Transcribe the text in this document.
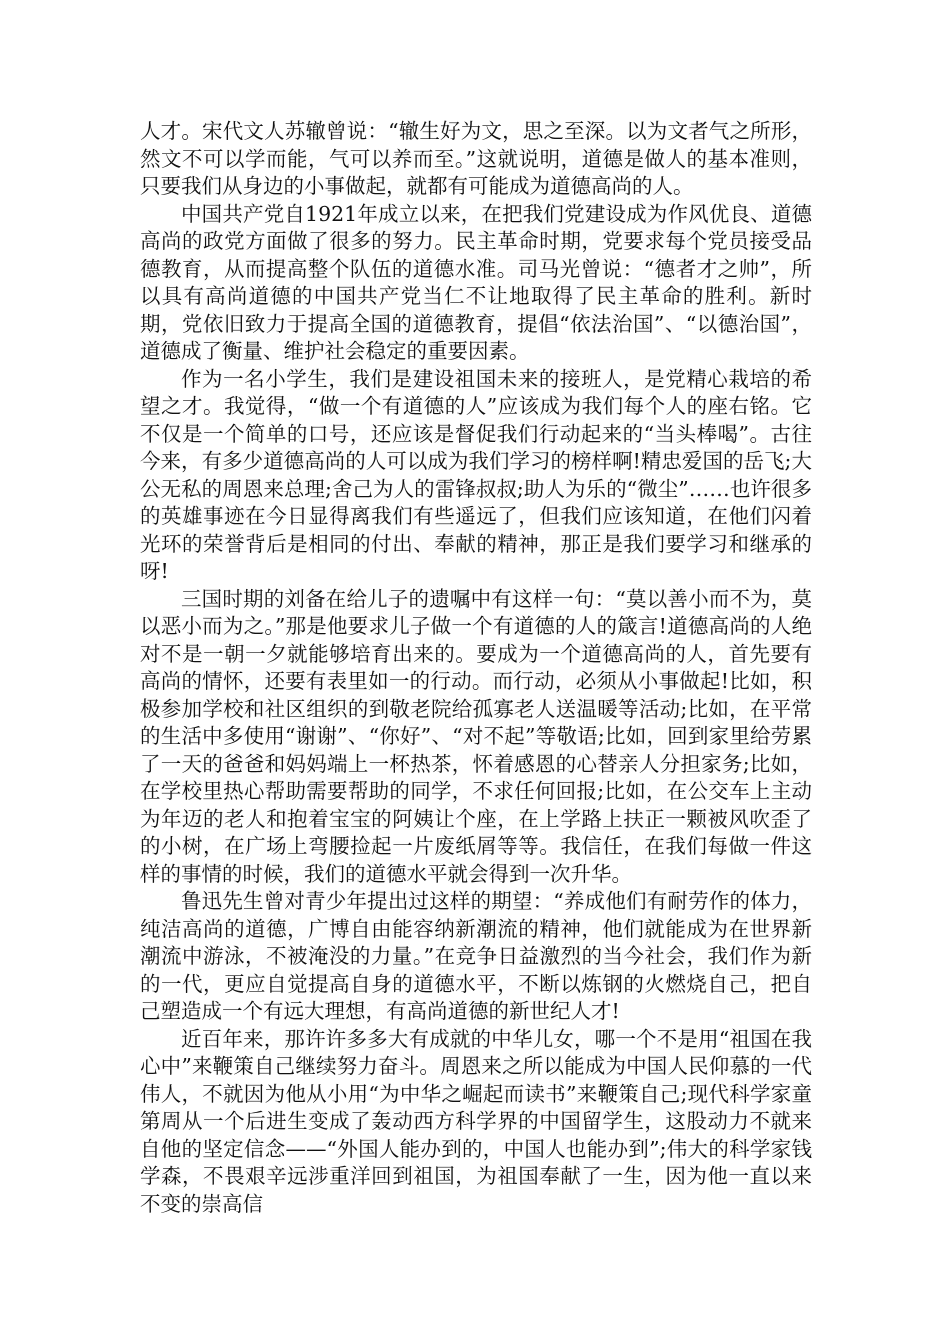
人才。宋代文人苏辙曾说：“辙生好为文，思之至深。以为文者气之所形，然文不可以学而能，气可以养而至。”这就说明，道德是做人的基本准则，只要我们从身边的小事做起，就都有可能成为道德高尚的人。

中国共产党自1921年成立以来，在把我们党建设成为作风优良、道德高尚的政党方面做了很多的努力。民主革命时期，党要求每个党员接受品德教育，从而提高整个队伍的道德水准。司马光曾说：“德者才之帅”，所以具有高尚道德的中国共产党当仁不让地取得了民主革命的胜利。新时期，党依旧致力于提高全国的道德教育，提倡“依法治国”、“以德治国”，道德成了衡量、维护社会稳定的重要因素。

作为一名小学生，我们是建设祖国未来的接班人，是党精心栽培的希望之才。我觉得，“做一个有道德的人”应该成为我们每个人的座右铭。它不仅是一个简单的口号，还应该是督促我们行动起来的“当头棒喝”。古往今来，有多少道德高尚的人可以成为我们学习的榜样啊!精忠爱国的岳飞;大公无私的周恩来总理;舍己为人的雷锋叔叔;助人为乐的“微尘”……也许很多的英雄事迹在今日显得离我们有些遥远了，但我们应该知道，在他们闪着光环的荣誉背后是相同的付出、奉献的精神，那正是我们要学习和继承的呀!

三国时期的刘备在给儿子的遗嘱中有这样一句：“莫以善小而不为，莫以恶小而为之。”那是他要求儿子做一个有道德的人的箴言!道德高尚的人绝对不是一朝一夕就能够培育出来的。要成为一个道德高尚的人，首先要有高尚的情怀，还要有表里如一的行动。而行动，必须从小事做起!比如，积极参加学校和社区组织的到敬老院给孤寡老人送温暖等活动;比如，在平常的生活中多使用“谢谢”、“你好”、“对不起”等敬语;比如，回到家里给劳累了一天的爸爸和妈妈端上一杯热茶，怀着感恩的心替亲人分担家务;比如，在学校里热心帮助需要帮助的同学，不求任何回报;比如，在公交车上主动为年迈的老人和抱着宝宝的阿姨让个座，在上学路上扶正一颗被风吹歪了的小树，在广场上弯腰捡起一片废纸屑等等。我信任，在我们每做一件这样的事情的时候，我们的道德水平就会得到一次升华。

鲁迅先生曾对青少年提出过这样的期望：“养成他们有耐劳作的体力，纯洁高尚的道德，广博自由能容纳新潮流的精神，他们就能成为在世界新潮流中游泳，不被淹没的力量。”在竞争日益激烈的当今社会，我们作为新的一代，更应自觉提高自身的道德水平，不断以炼钢的火燃烧自己，把自己塑造成一个有远大理想，有高尚道德的新世纪人才!

近百年来，那许许多多大有成就的中华儿女，哪一个不是用“祖国在我心中”来鞭策自己继续努力奋斗。周恩来之所以能成为中国人民仰慕的一代伟人，不就因为他从小用“为中华之崛起而读书”来鞭策自己;现代科学家童第周从一个后进生变成了轰动西方科学界的中国留学生，这股动力不就来自他的坚定信念——“外国人能办到的，中国人也能办到”;伟大的科学家钱学森，不畏艰辛远涉重洋回到祖国，为祖国奉献了一生，因为他一直以来不变的崇高信
